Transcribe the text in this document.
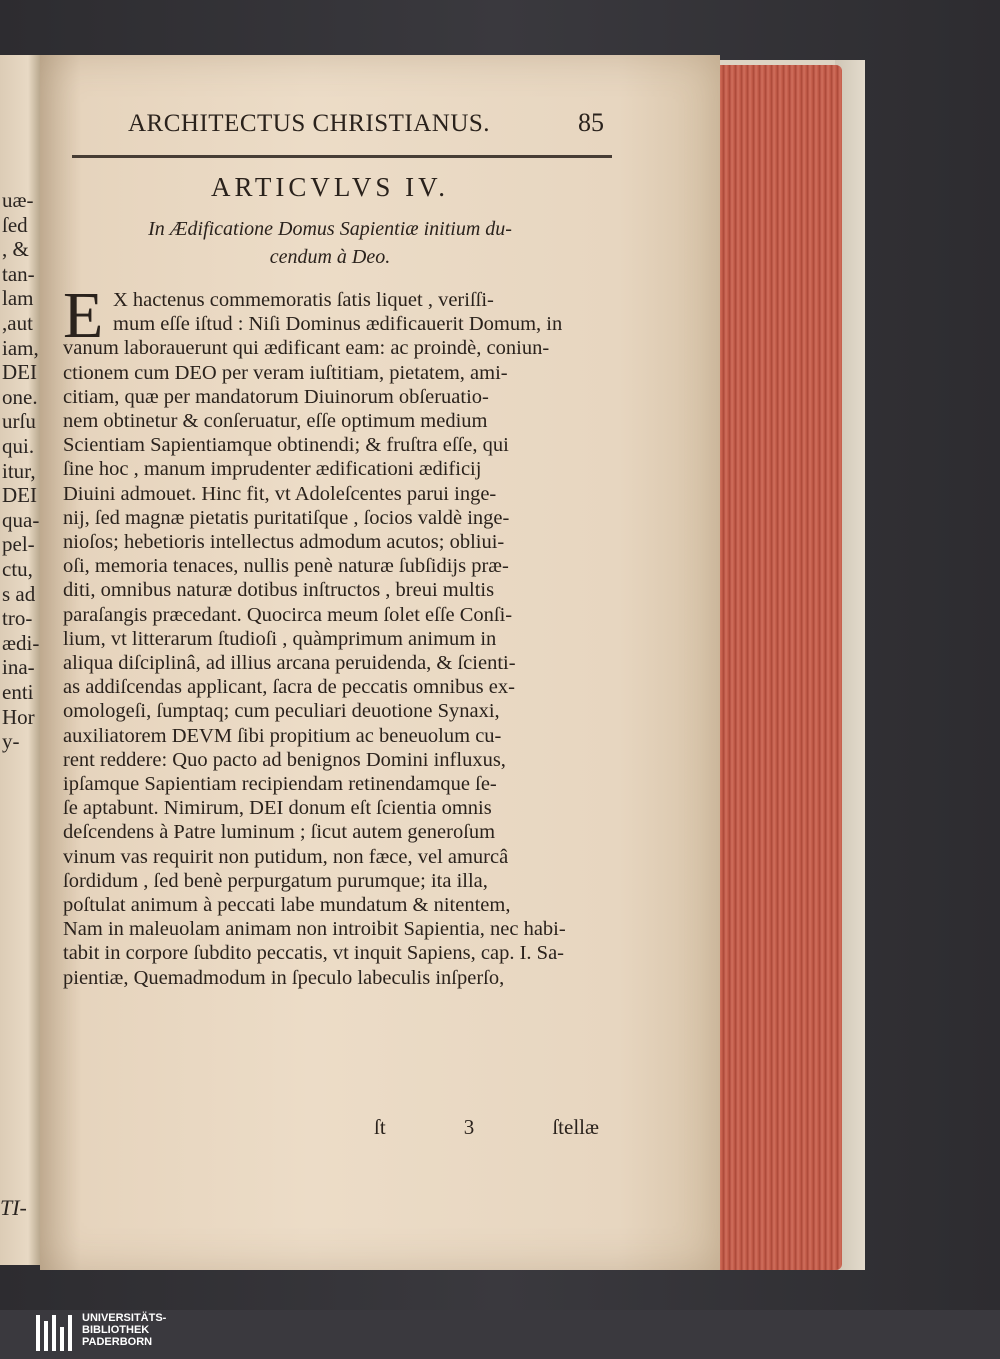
uæ-
ſed
, &
tan-
lam
,aut
iam,
DEI
one.
urſu
qui.
itur,
DEI
qua-
pel-
ctu,
s ad
tro-
ædi-
ina-
enti
Hor
y-
TI-
ARCHITECTUS CHRISTIANUS.	85
ARTICVLVS IV.
In Ædificatione Domus Sapientiæ initium du-
cendum à Deo.
E X hactenus commemoratis ſatis liquet , veriſſi-
mum eſſe iſtud : Niſi Dominus ædificauerit Domum, in
vanum laborauerunt qui ædificant eam: ac proindè, coniun-
ctionem cum DEO per veram iuſtitiam, pietatem, ami-
citiam, quæ per mandatorum Diuinorum obſeruatio-
nem obtinetur & conſeruatur, eſſe optimum medium
Scientiam Sapientiamque obtinendi; & fruſtra eſſe, qui
ſine hoc , manum imprudenter ædificationi ædificij
Diuini admouet. Hinc fit, vt Adoleſcentes parui inge-
nij, ſed magnæ pietatis puritatiſque , ſocios valdè inge-
nioſos; hebetioris intellectus admodum acutos; obliui-
oſi, memoria tenaces, nullis penè naturæ ſubſidijs præ-
diti, omnibus naturæ dotibus inſtructos , breui multis
paraſangis præcedant. Quocirca meum ſolet eſſe Conſi-
lium, vt litterarum ſtudioſi , quàmprimum animum in
aliqua diſciplinâ, ad illius arcana peruidenda, & ſcienti-
as addiſcendas applicant, ſacra de peccatis omnibus ex-
omologeſi, ſumptaq; cum peculiari deuotione Synaxi,
auxiliatorem DEVM ſibi propitium ac beneuolum cu-
rent reddere: Quo pacto ad benignos Domini influxus,
ipſamque Sapientiam recipiendam retinendamque ſe-
ſe aptabunt. Nimirum, DEI donum eſt ſcientia omnis
deſcendens à Patre luminum ; ſicut autem generoſum
vinum vas requirit non putidum, non fæce, vel amurcâ
ſordidum , ſed benè perpurgatum purumque; ita illa,
poſtulat animum à peccati labe mundatum & nitentem,
Nam in maleuolam animam non introibit Sapientia, nec habi-
tabit in corpore ſubdito peccatis, vt inquit Sapiens, cap. I. Sa-
pientiæ, Quemadmodum in ſpeculo labeculis inſperſo,
ſt	3	ſtellæ
UNIVERSITÄTS-
BIBLIOTHEK
PADERBORN
